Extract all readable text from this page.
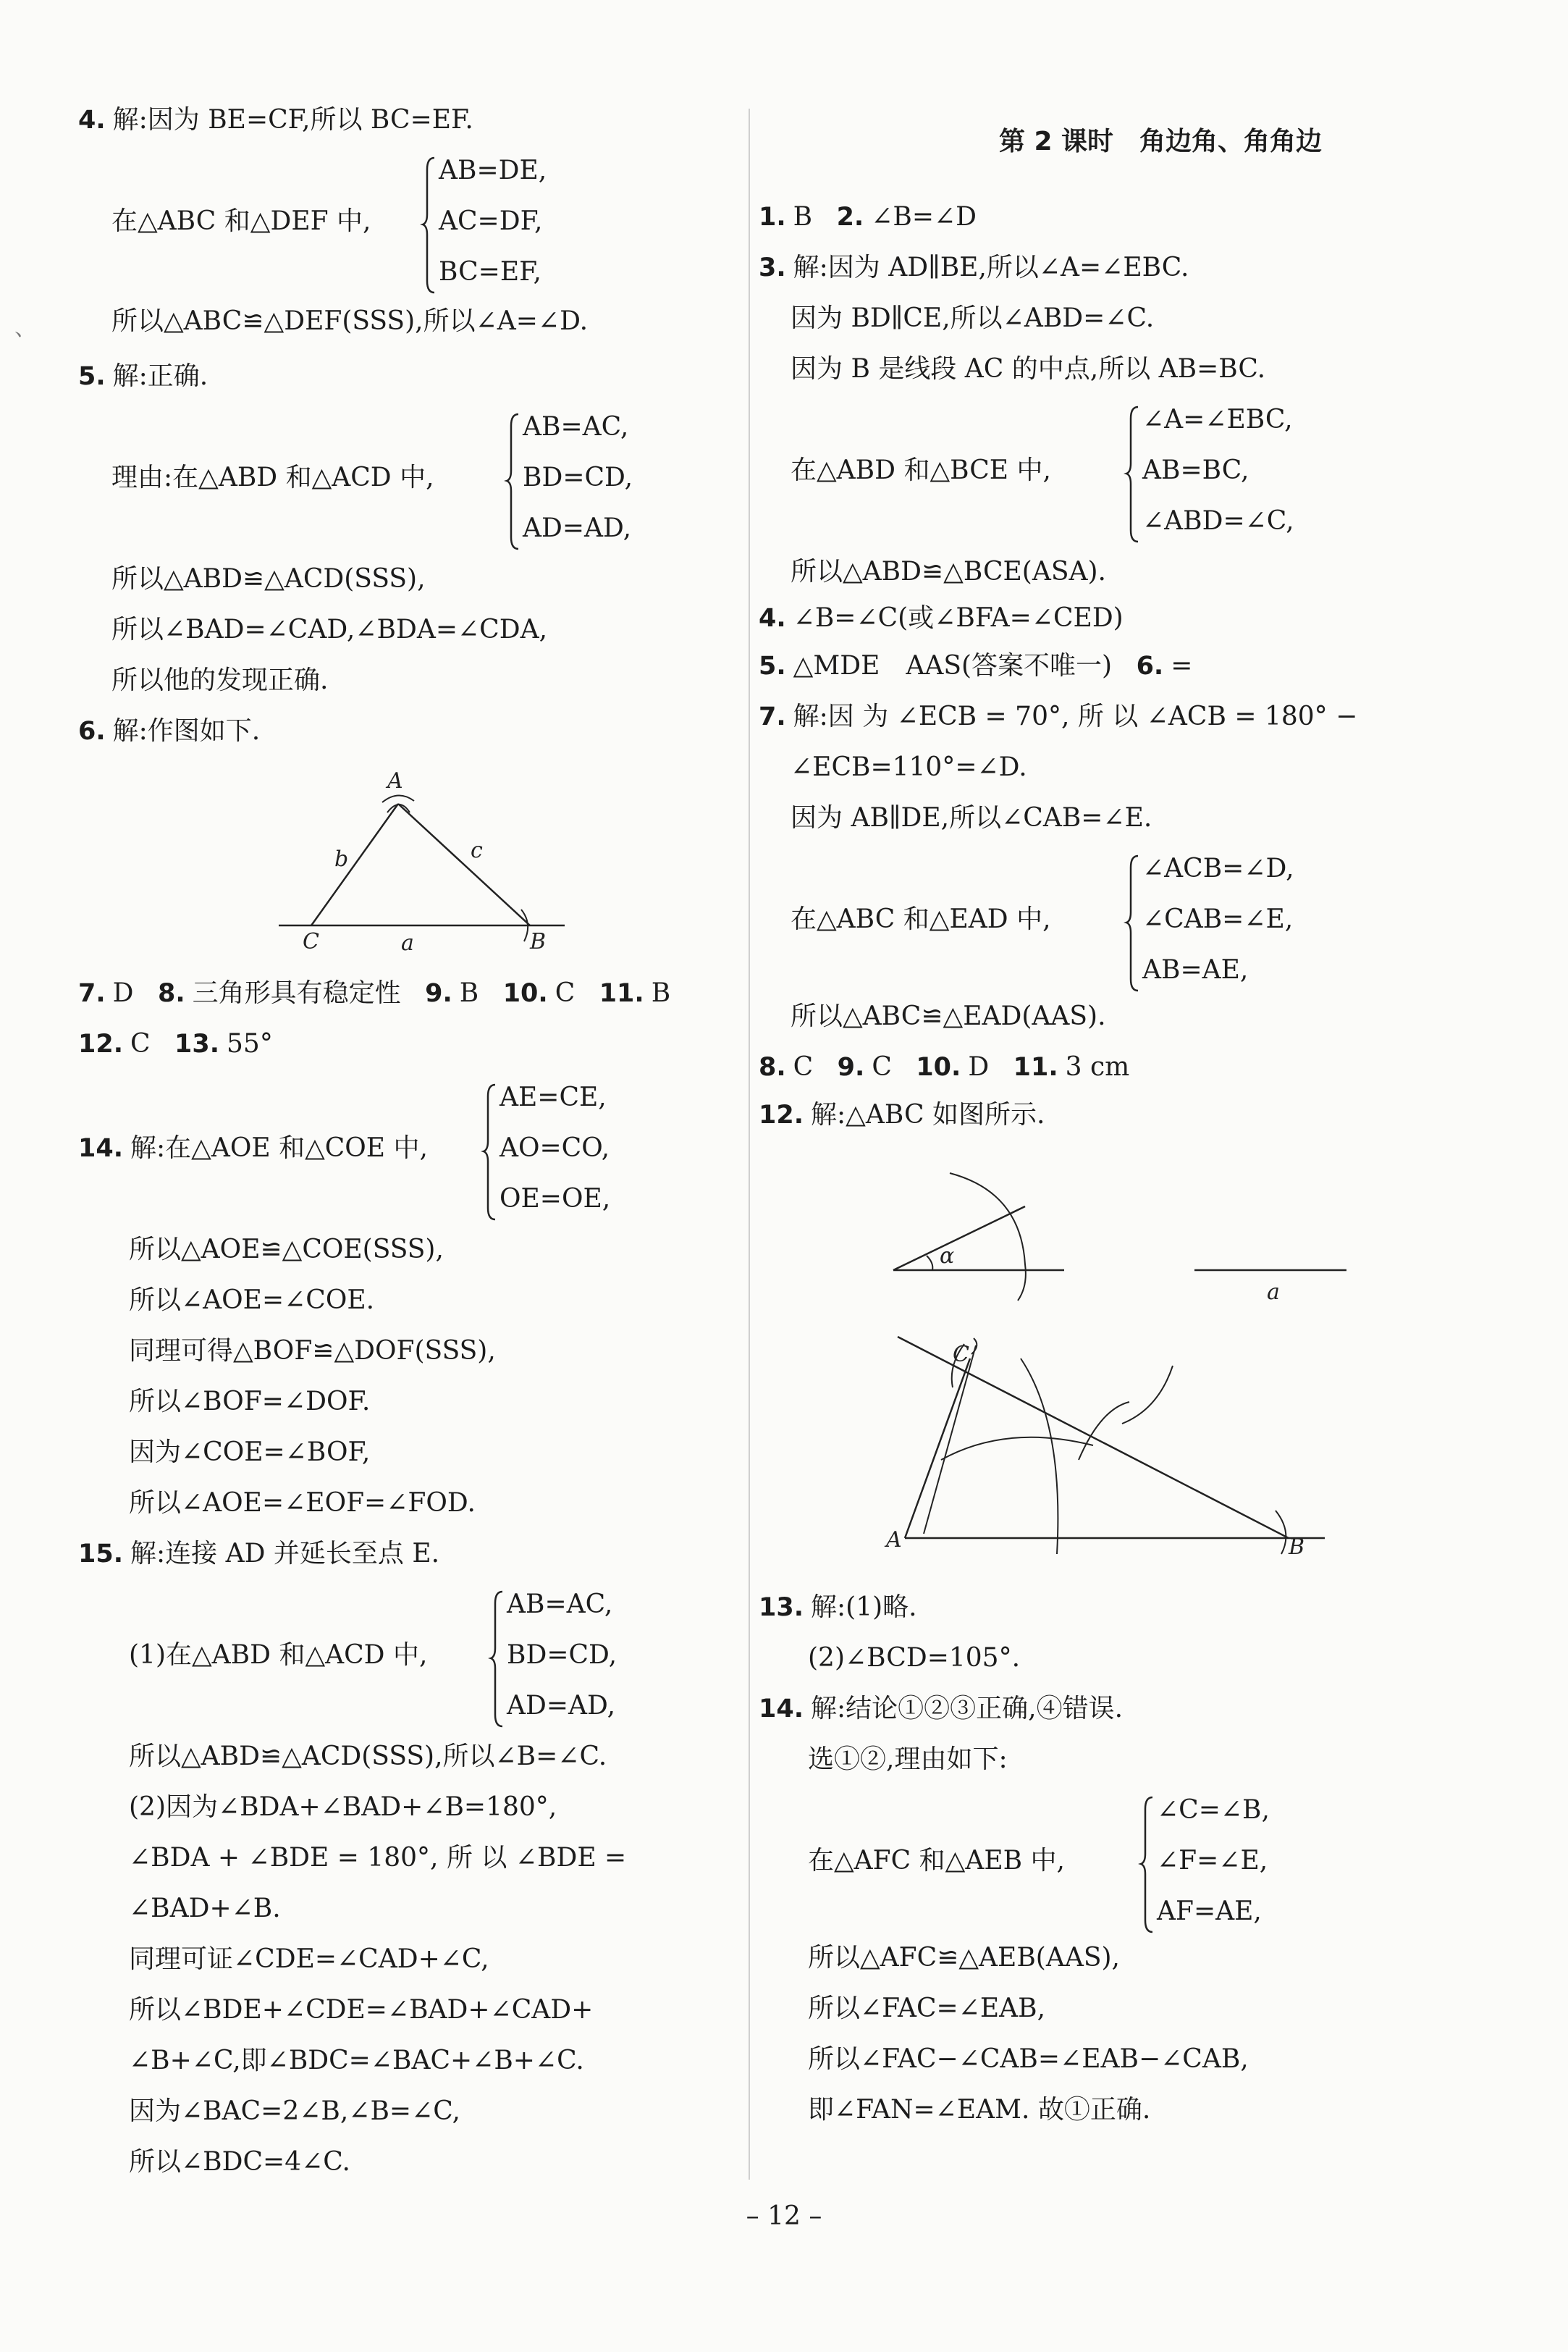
、
4. 解:因为 BE=CF,所以 BC=EF.
在△ABC 和△DEF 中,
AB=DE,
AC=DF,
BC=EF,
所以△ABC≌△DEF(SSS),所以∠A=∠D.
5. 解:正确.
理由:在△ABD 和△ACD 中,
AB=AC,
BD=CD,
AD=AD,
所以△ABD≌△ACD(SSS),
所以∠BAD=∠CAD,∠BDA=∠CDA,
所以他的发现正确.
6. 解:作图如下.
A
B
C	a
b	c
7. D 8. 三角形具有稳定性 9. B 10. C 11. B
12. C 13. 55°
14. 解:在△AOE 和△COE 中,
AE=CE,
AO=CO,
OE=OE,
所以△AOE≌△COE(SSS),
所以∠AOE=∠COE.
同理可得△BOF≌△DOF(SSS),
所以∠BOF=∠DOF.
因为∠COE=∠BOF,
所以∠AOE=∠EOF=∠FOD.
15. 解:连接 AD 并延长至点 E.
(1)在△ABD 和△ACD 中,
AB=AC,
BD=CD,
AD=AD,
所以△ABD≌△ACD(SSS),所以∠B=∠C.
(2)因为∠BDA+∠BAD+∠B=180°,
∠BDA + ∠BDE = 180°, 所 以 ∠BDE =
∠BAD+∠B.
同理可证∠CDE=∠CAD+∠C,
所以∠BDE+∠CDE=∠BAD+∠CAD+
∠B+∠C,即∠BDC=∠BAC+∠B+∠C.
因为∠BAC=2∠B,∠B=∠C,
所以∠BDC=4∠C.
第 2 课时　角边角、角角边
1. B 2. ∠B=∠D
3. 解:因为 AD∥BE,所以∠A=∠EBC.
因为 BD∥CE,所以∠ABD=∠C.
因为 B 是线段 AC 的中点,所以 AB=BC.
在△ABD 和△BCE 中,
∠A=∠EBC,
AB=BC,
∠ABD=∠C,
所以△ABD≌△BCE(ASA).
4. ∠B=∠C(或∠BFA=∠CED)
5. △MDE　AAS(答案不唯一) 6. =
7. 解:因 为 ∠ECB = 70°, 所 以 ∠ACB = 180° −
∠ECB=110°=∠D.
因为 AB∥DE,所以∠CAB=∠E.
在△ABC 和△EAD 中,
∠ACB=∠D,
∠CAB=∠E,
AB=AE,
所以△ABC≌△EAD(AAS).
8. C 9. C 10. D 11. 3 cm
12. 解:△ABC 如图所示.
α
a
A	B
C
13. 解:(1)略.
(2)∠BCD=105°.
14. 解:结论①②③正确,④错误.
选①②,理由如下:
在△AFC 和△AEB 中,
∠C=∠B,
∠F=∠E,
AF=AE,
所以△AFC≌△AEB(AAS),
所以∠FAC=∠EAB,
所以∠FAC−∠CAB=∠EAB−∠CAB,
即∠FAN=∠EAM. 故①正确.
– 12 –
